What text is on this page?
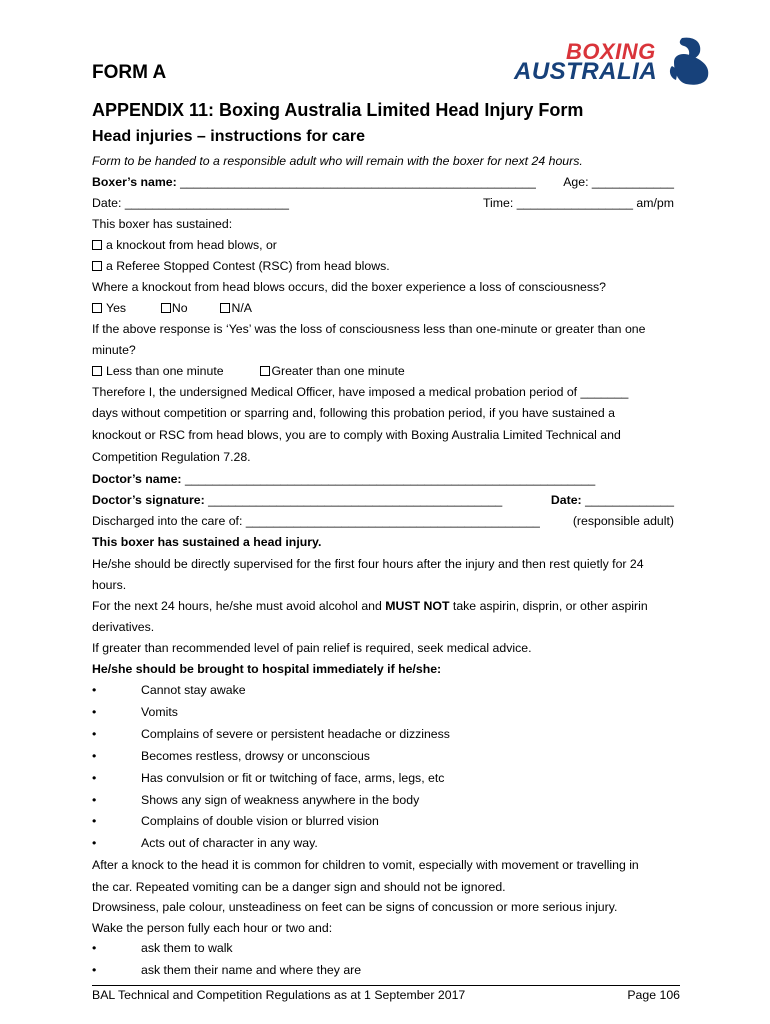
BOXING
AUSTRALIA
FORM A
APPENDIX 11: Boxing Australia Limited Head Injury Form
Head injuries – instructions for care
Form to be handed to a responsible adult who will remain with the boxer for next 24 hours.
Boxer’s name: ____________________________________________________ Age: ____________
Date: ________________________	Time: _________________ am/pm
This boxer has sustained:
a knockout from head blows, or
a Referee Stopped Contest (RSC) from head blows.
Where a knockout from head blows occurs, did the boxer experience a loss of consciousness?
Yes	No	N/A
If the above response is ‘Yes’ was the loss of consciousness less than one-minute or greater than one
minute?
Less than one minute	Greater than one minute
Therefore I, the undersigned Medical Officer, have imposed a medical probation period of _______
days without competition or sparring and, following this probation period, if you have sustained a
knockout or RSC from head blows, you are to comply with Boxing Australia Limited Technical and
Competition Regulation 7.28.
Doctor’s name: ____________________________________________________________
Doctor’s signature: ___________________________________________	Date: _____________
Discharged into the care of: ___________________________________________	(responsible adult)
This boxer has sustained a head injury.
He/she should be directly supervised for the first four hours after the injury and then rest quietly for 24
hours.
For the next 24 hours, he/she must avoid alcohol and MUST NOT take aspirin, disprin, or other aspirin
derivatives.
If greater than recommended level of pain relief is required, seek medical advice.
He/she should be brought to hospital immediately if he/she:
•	Cannot stay awake
•	Vomits
•	Complains of severe or persistent headache or dizziness
•	Becomes restless, drowsy or unconscious
•	Has convulsion or fit or twitching of face, arms, legs, etc
•	Shows any sign of weakness anywhere in the body
•	Complains of double vision or blurred vision
•	Acts out of character in any way.
After a knock to the head it is common for children to vomit, especially with movement or travelling in
the car. Repeated vomiting can be a danger sign and should not be ignored.
Drowsiness, pale colour, unsteadiness on feet can be signs of concussion or more serious injury.
Wake the person fully each hour or two and:
•	ask them to walk
•	ask them their name and where they are
BAL Technical and Competition Regulations as at 1 September 2017	Page 106
